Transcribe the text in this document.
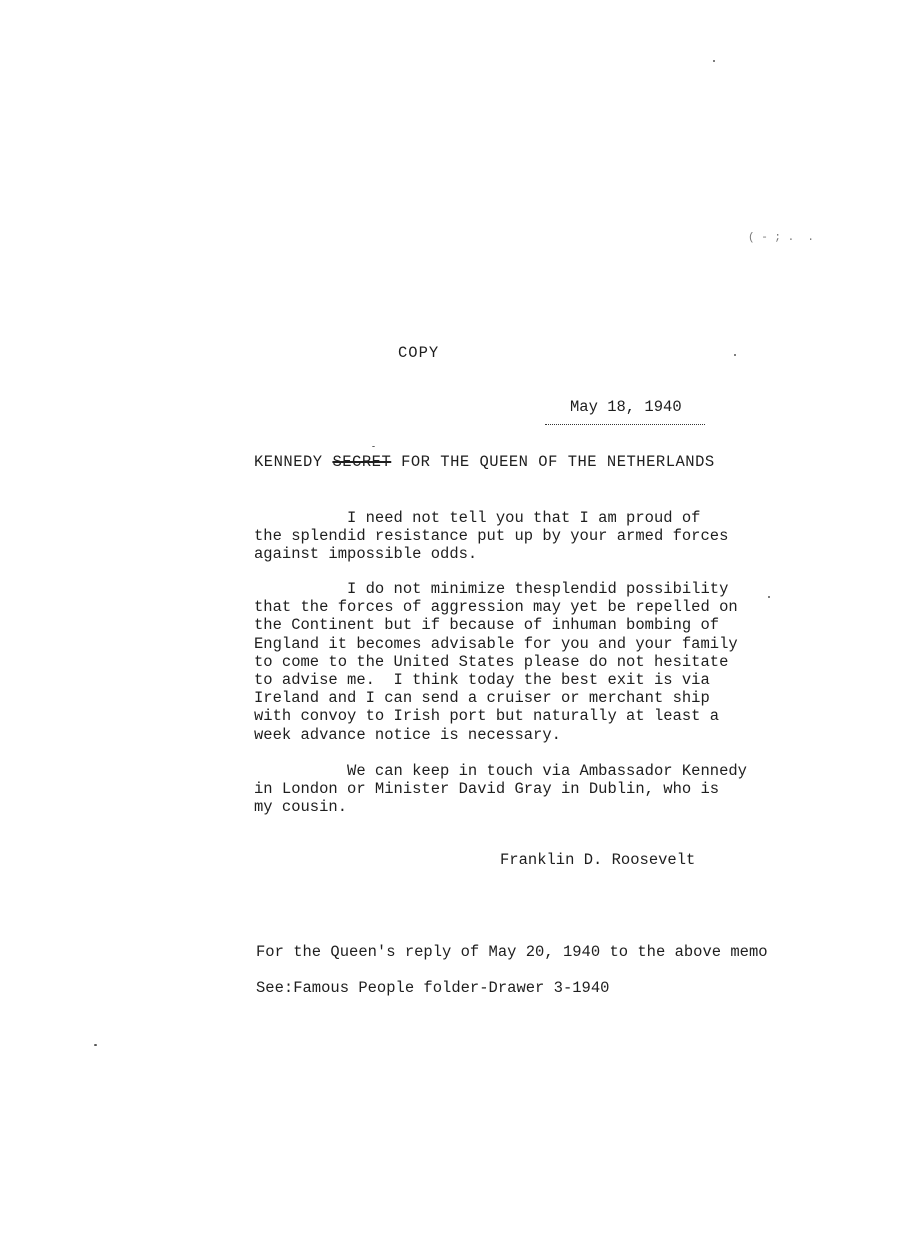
( - ; .  .
COPY
May 18, 1940
KENNEDY SECRET FOR THE QUEEN OF THE NETHERLANDS
I need not tell you that I am proud of
the splendid resistance put up by your armed forces
against impossible odds.
I do not minimize thesplendid possibility
that the forces of aggression may yet be repelled on
the Continent but if because of inhuman bombing of
England it becomes advisable for you and your family
to come to the United States please do not hesitate
to advise me.  I think today the best exit is via
Ireland and I can send a cruiser or merchant ship
with convoy to Irish port but naturally at least a
week advance notice is necessary.
We can keep in touch via Ambassador Kennedy
in London or Minister David Gray in Dublin, who is
my cousin.
Franklin D. Roosevelt
For the Queen's reply of May 20, 1940 to the above memo
See:Famous People folder-Drawer 3-1940
